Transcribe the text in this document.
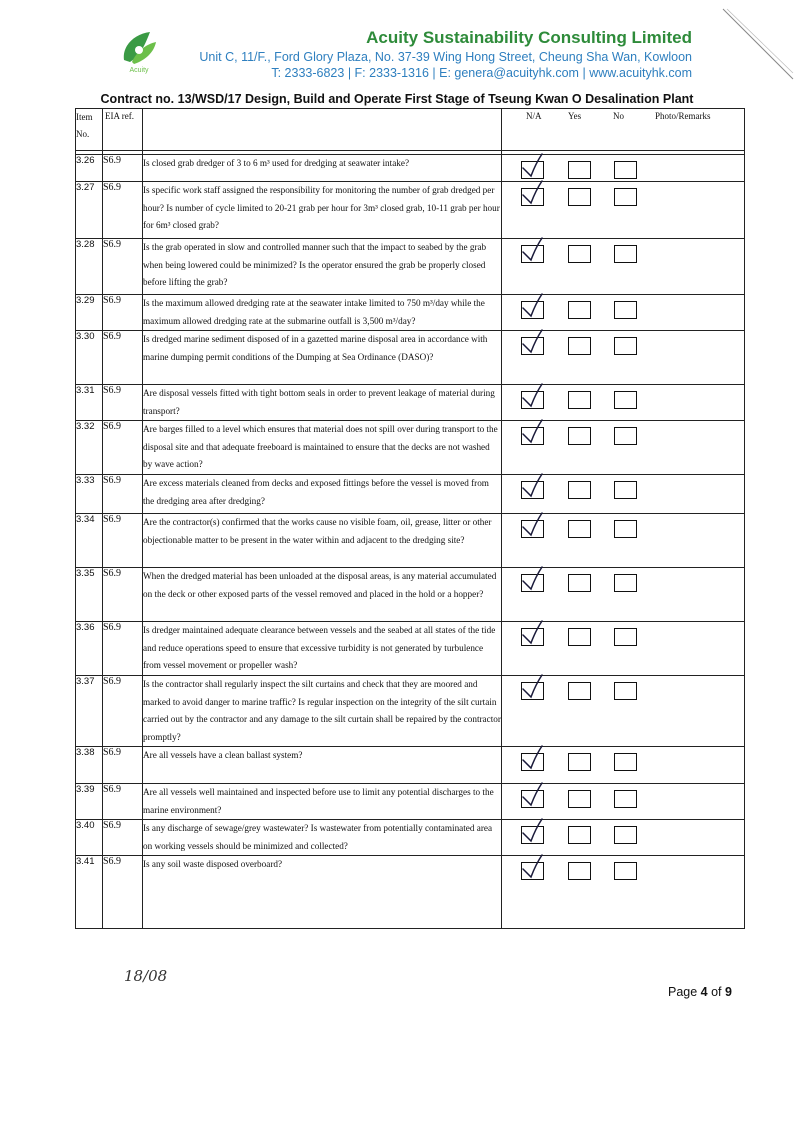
Acuity
Acuity Sustainability Consulting Limited
Unit C, 11/F., Ford Glory Plaza, No. 37-39 Wing Hong Street, Cheung Sha Wan, Kowloon
T: 2333-6823 | F: 2333-1316 | E: genera@acuityhk.com | www.acuityhk.com
Contract no. 13/WSD/17 Design, Build and Operate First Stage of Tseung Kwan O Desalination Plant
Item No.	EIA ref.		N/A Yes No Photo/Remarks

3.26	S6.9	Is closed grab dredger of 3 to 6 m³ used for dredging at seawater intake?	

3.27	S6.9	Is specific work staff assigned the responsibility for monitoring the number of grab dredged per hour? Is number of cycle limited to 20-21 grab per hour for 3m³ closed grab, 10-11 grab per hour for 6m³ closed grab?	

3.28	S6.9	Is the grab operated in slow and controlled manner such that the impact to seabed by the grab when being lowered could be minimized? Is the operator ensured the grab be properly closed before lifting the grab?	

3.29	S6.9	Is the maximum allowed dredging rate at the seawater intake limited to 750 m³/day while the maximum allowed dredging rate at the submarine outfall is 3,500 m³/day?	

3.30	S6.9	Is dredged marine sediment disposed of in a gazetted marine disposal area in accordance with marine dumping permit conditions of the Dumping at Sea Ordinance (DASO)?	

3.31	S6.9	Are disposal vessels fitted with tight bottom seals in order to prevent leakage of material during transport?	

3.32	S6.9	Are barges filled to a level which ensures that material does not spill over during transport to the disposal site and that adequate freeboard is maintained to ensure that the decks are not washed by wave action?	

3.33	S6.9	Are excess materials cleaned from decks and exposed fittings before the vessel is moved from the dredging area after dredging?	

3.34	S6.9	Are the contractor(s) confirmed that the works cause no visible foam, oil, grease, litter or other objectionable matter to be present in the water within and adjacent to the dredging site?	

3.35	S6.9	When the dredged material has been unloaded at the disposal areas, is any material accumulated on the deck or other exposed parts of the vessel removed and placed in the hold or a hopper?	

3.36	S6.9	Is dredger maintained adequate clearance between vessels and the seabed at all states of the tide and reduce operations speed to ensure that excessive turbidity is not generated by turbulence from vessel movement or propeller wash?	

3.37	S6.9	Is the contractor shall regularly inspect the silt curtains and check that they are moored and marked to avoid danger to marine traffic? Is regular inspection on the integrity of the silt curtain carried out by the contractor and any damage to the silt curtain shall be repaired by the contractor promptly?	

3.38	S6.9	Are all vessels have a clean ballast system?	

3.39	S6.9	Are all vessels well maintained and inspected before use to limit any potential discharges to the marine environment?	

3.40	S6.9	Is any discharge of sewage/grey wastewater? Is wastewater from potentially contaminated area on working vessels should be minimized and collected?	

3.41	S6.9	Is any soil waste disposed overboard?	
18/08
Page 4 of 9
